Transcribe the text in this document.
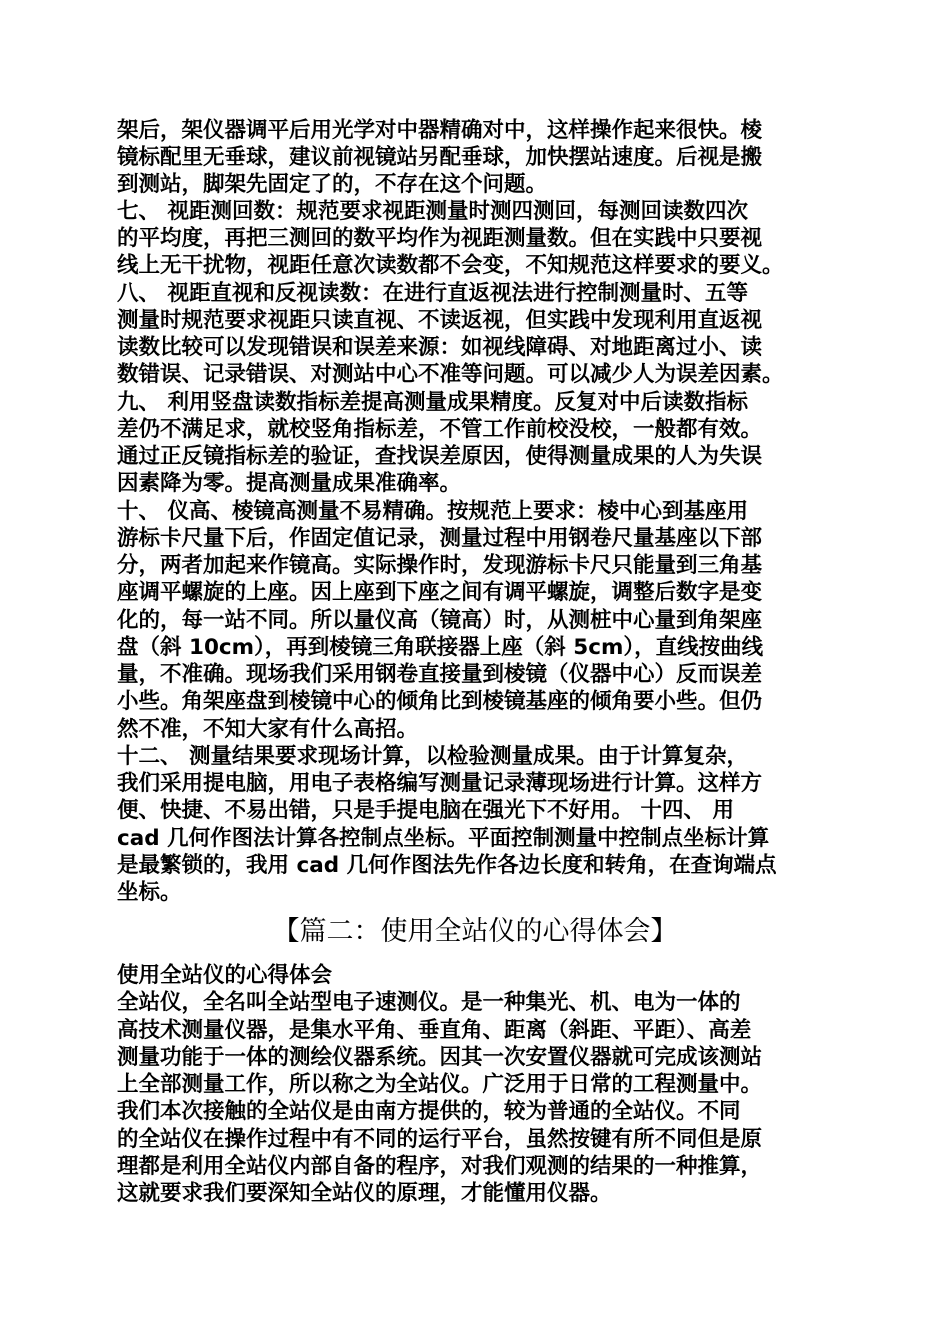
架后，架仪器调平后用光学对中器精确对中，这样操作起来很快。棱
镜标配里无垂球，建议前视镜站另配垂球，加快摆站速度。后视是搬
到测站，脚架先固定了的，不存在这个问题。
七、 视距测回数：规范要求视距测量时测四测回，每测回读数四次
的平均度，再把三测回的数平均作为视距测量数。但在实践中只要视
线上无干扰物，视距任意次读数都不会变，不知规范这样要求的要义。
八、 视距直视和反视读数：在进行直返视法进行控制测量时、五等
测量时规范要求视距只读直视、不读返视，但实践中发现利用直返视
读数比较可以发现错误和误差来源：如视线障碍、对地距离过小、读
数错误、记录错误、对测站中心不准等问题。可以减少人为误差因素。
九、 利用竖盘读数指标差提高测量成果精度。反复对中后读数指标
差仍不满足求，就校竖角指标差，不管工作前校没校，一般都有效。
通过正反镜指标差的验证，查找误差原因，使得测量成果的人为失误
因素降为零。提高测量成果准确率。
十、 仪高、棱镜高测量不易精确。按规范上要求：棱中心到基座用
游标卡尺量下后，作固定值记录，测量过程中用钢卷尺量基座以下部
分，两者加起来作镜高。实际操作时，发现游标卡尺只能量到三角基
座调平螺旋的上座。因上座到下座之间有调平螺旋，调整后数字是变
化的，每一站不同。所以量仪高（镜高）时，从测桩中心量到角架座
盘（斜 10cm），再到棱镜三角联接器上座（斜 5cm），直线按曲线
量，不准确。现场我们采用钢卷直接量到棱镜（仪器中心）反而误差
小些。角架座盘到棱镜中心的倾角比到棱镜基座的倾角要小些。但仍
然不准，不知大家有什么高招。
十二、 测量结果要求现场计算，以检验测量成果。由于计算复杂，
我们采用提电脑，用电子表格编写测量记录薄现场进行计算。这样方
便、快捷、不易出错，只是手提电脑在强光下不好用。 十四、 用
cad 几何作图法计算各控制点坐标。平面控制测量中控制点坐标计算
是最繁锁的，我用 cad 几何作图法先作各边长度和转角，在查询端点
坐标。
【篇二：使用全站仪的心得体会】
使用全站仪的心得体会
全站仪，全名叫全站型电子速测仪。是一种集光、机、电为一体的
高技术测量仪器，是集水平角、垂直角、距离（斜距、平距）、高差
测量功能于一体的测绘仪器系统。因其一次安置仪器就可完成该测站
上全部测量工作，所以称之为全站仪。广泛用于日常的工程测量中。
我们本次接触的全站仪是由南方提供的，较为普通的全站仪。不同
的全站仪在操作过程中有不同的运行平台，虽然按键有所不同但是原
理都是利用全站仪内部自备的程序，对我们观测的结果的一种推算，
这就要求我们要深知全站仪的原理，才能懂用仪器。
